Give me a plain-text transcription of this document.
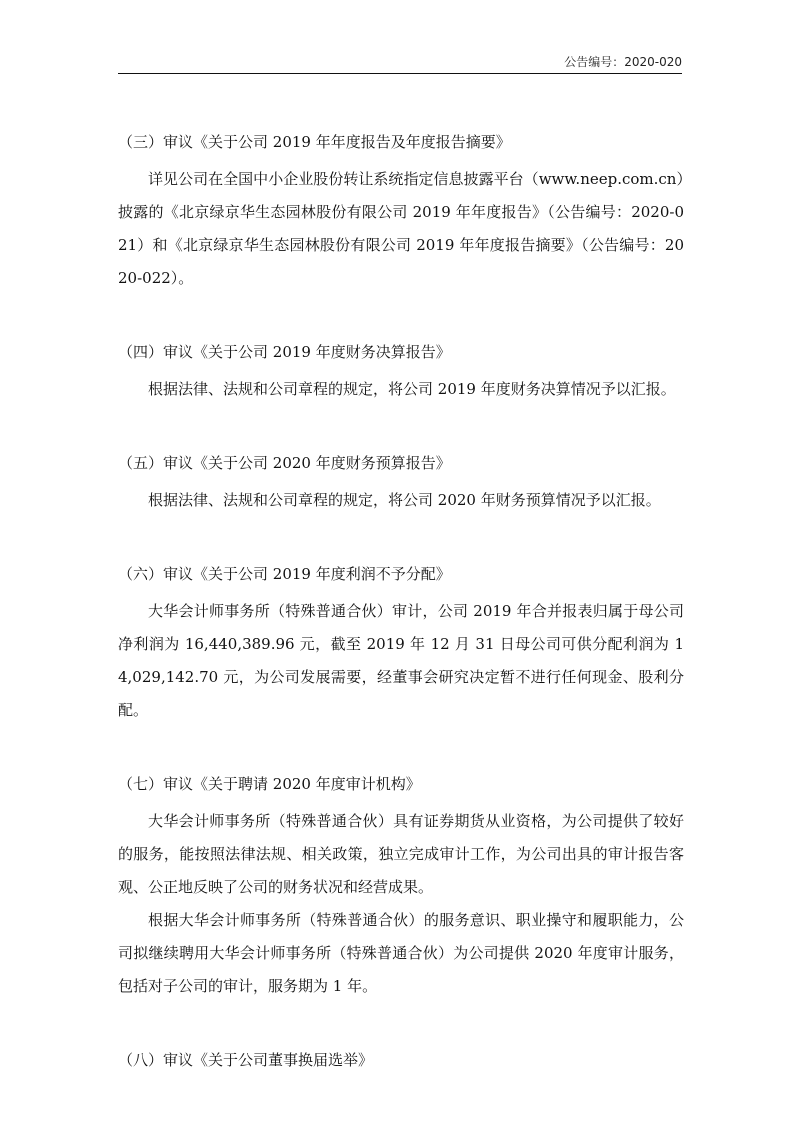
公告编号：2020-020

（三）审议《关于公司 2019 年年度报告及年度报告摘要》

详见公司在全国中小企业股份转让系统指定信息披露平台（www.neep.com.cn）披露的《北京绿京华生态园林股份有限公司 2019 年年度报告》（公告编号：2020-021）和《北京绿京华生态园林股份有限公司 2019 年年度报告摘要》（公告编号：2020-022）。

（四）审议《关于公司 2019 年度财务决算报告》

根据法律、法规和公司章程的规定，将公司 2019 年度财务决算情况予以汇报。

（五）审议《关于公司 2020 年度财务预算报告》

根据法律、法规和公司章程的规定，将公司 2020 年财务预算情况予以汇报。

（六）审议《关于公司 2019 年度利润不予分配》

大华会计师事务所（特殊普通合伙）审计，公司 2019 年合并报表归属于母公司净利润为 16,440,389.96 元，截至 2019 年 12 月 31 日母公司可供分配利润为 14,029,142.70 元，为公司发展需要，经董事会研究决定暂不进行任何现金、股利分配。

（七）审议《关于聘请 2020 年度审计机构》

大华会计师事务所（特殊普通合伙）具有证券期货从业资格，为公司提供了较好的服务，能按照法律法规、相关政策，独立完成审计工作，为公司出具的审计报告客观、公正地反映了公司的财务状况和经营成果。

根据大华会计师事务所（特殊普通合伙）的服务意识、职业操守和履职能力，公司拟继续聘用大华会计师事务所（特殊普通合伙）为公司提供 2020 年度审计服务，包括对子公司的审计，服务期为 1 年。

（八）审议《关于公司董事换届选举》
